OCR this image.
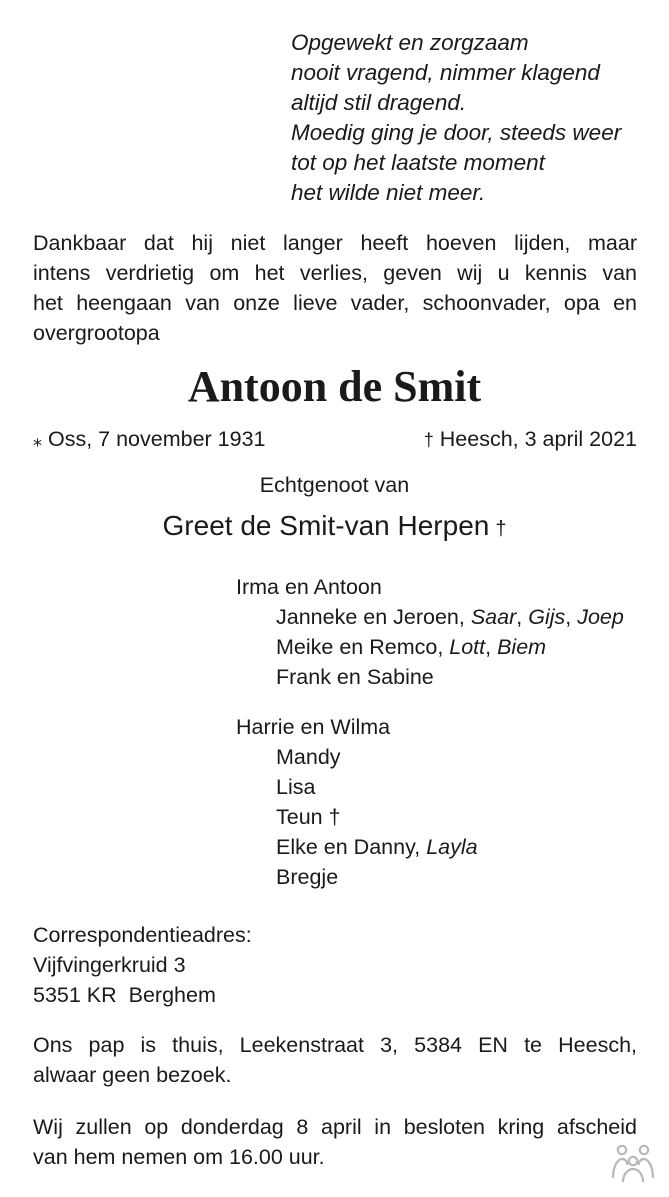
Opgewekt en zorgzaam
nooit vragend, nimmer klagend
altijd stil dragend.
Moedig ging je door, steeds weer
tot op het laatste moment
het wilde niet meer.
Dankbaar dat hij niet langer heeft hoeven lijden, maar
intens verdrietig om het verlies, geven wij u kennis van
het heengaan van onze lieve vader, schoonvader, opa en
overgrootopa
Antoon de Smit
⁎ Oss, 7 november 1931	† Heesch, 3 april 2021
Echtgenoot van
Greet de Smit-van Herpen †
Irma en Antoon
Janneke en Jeroen, Saar, Gijs, Joep
Meike en Remco, Lott, Biem
Frank en Sabine
Harrie en Wilma
Mandy
Lisa
Teun †
Elke en Danny, Layla
Bregje
Correspondentieadres:
Vijfvingerkruid 3
5351 KR  Berghem
Ons pap is thuis, Leekenstraat 3, 5384 EN te Heesch,
alwaar geen bezoek.
Wij zullen op donderdag 8 april in besloten kring afscheid
van hem nemen om 16.00 uur.
